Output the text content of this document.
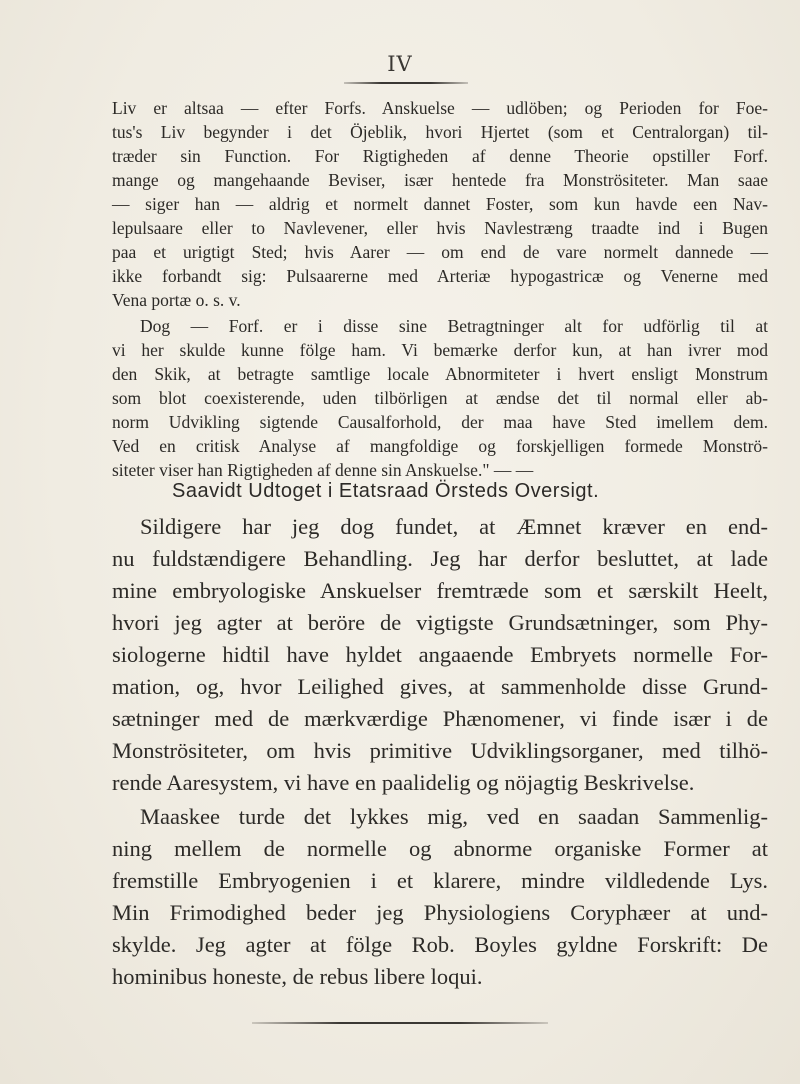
IV
Liv er altsaa — efter Forfs. Anskuelse — udlöben; og Perioden for Foe-
tus's Liv begynder i det Öjeblik, hvori Hjertet (som et Centralorgan) til-
træder sin Function. For Rigtigheden af denne Theorie opstiller Forf.
mange og mangehaande Beviser, især hentede fra Monströsiteter. Man saae
— siger han — aldrig et normelt dannet Foster, som kun havde een Nav-
lepulsaare eller to Navlevener, eller hvis Navlestræng traadte ind i Bugen
paa et urigtigt Sted; hvis Aarer — om end de vare normelt dannede —
ikke forbandt sig: Pulsaarerne med Arteriæ hypogastricæ og Venerne med
Vena portæ o. s. v.
Dog — Forf. er i disse sine Betragtninger alt for udförlig til at
vi her skulde kunne fölge ham. Vi bemærke derfor kun, at han ivrer mod
den Skik, at betragte samtlige locale Abnormiteter i hvert ensligt Monstrum
som blot coexisterende, uden tilbörligen at ændse det til normal eller ab-
norm Udvikling sigtende Causalforhold, der maa have Sted imellem dem.
Ved en critisk Analyse af mangfoldige og forskjelligen formede Monströ-
siteter viser han Rigtigheden af denne sin Anskuelse." — —
Saavidt Udtoget i Etatsraad Örsteds Oversigt.
Sildigere har jeg dog fundet, at Æmnet kræver en end-
nu fuldstændigere Behandling. Jeg har derfor besluttet, at lade
mine embryologiske Anskuelser fremtræde som et særskilt Heelt,
hvori jeg agter at beröre de vigtigste Grundsætninger, som Phy-
siologerne hidtil have hyldet angaaende Embryets normelle For-
mation, og, hvor Leilighed gives, at sammenholde disse Grund-
sætninger med de mærkværdige Phænomener, vi finde især i de
Monströsiteter, om hvis primitive Udviklingsorganer, med tilhö-
rende Aaresystem, vi have en paalidelig og nöjagtig Beskrivelse.
Maaskee turde det lykkes mig, ved en saadan Sammenlig-
ning mellem de normelle og abnorme organiske Former at
fremstille Embryogenien i et klarere, mindre vildledende Lys.
Min Frimodighed beder jeg Physiologiens Coryphæer at und-
skylde. Jeg agter at fölge Rob. Boyles gyldne Forskrift: De
hominibus honeste, de rebus libere loqui.
